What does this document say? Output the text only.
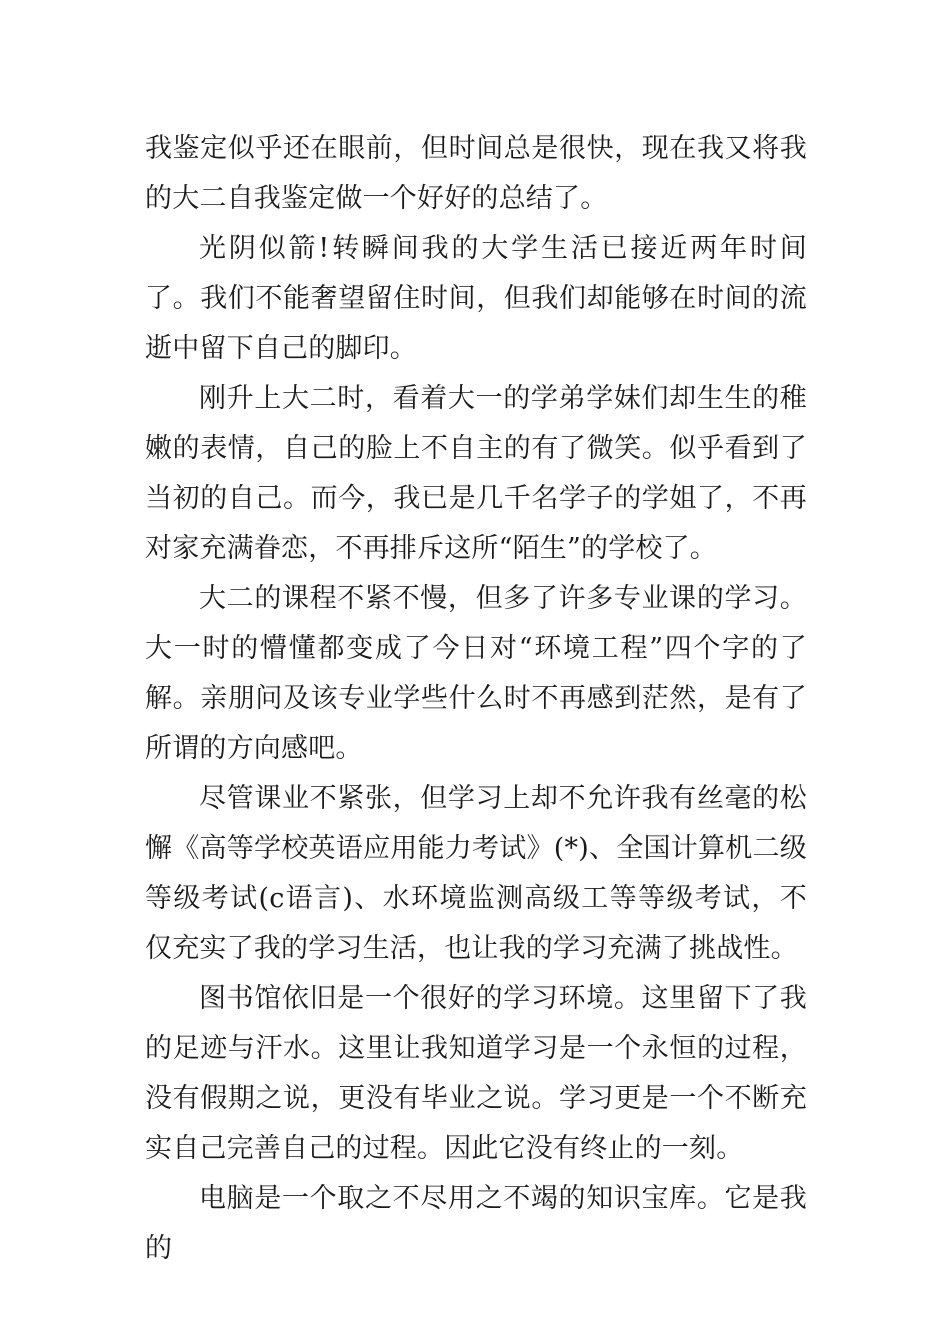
我鉴定似乎还在眼前，但时间总是很快，现在我又将我的大二自我鉴定做一个好好的总结了。

光阴似箭!转瞬间我的大学生活已接近两年时间了。我们不能奢望留住时间，但我们却能够在时间的流逝中留下自己的脚印。

刚升上大二时，看着大一的学弟学妹们却生生的稚嫩的表情，自己的脸上不自主的有了微笑。似乎看到了当初的自己。而今，我已是几千名学子的学姐了，不再对家充满眷恋，不再排斥这所“陌生”的学校了。

大二的课程不紧不慢，但多了许多专业课的学习。大一时的懵懂都变成了今日对“环境工程”四个字的了解。亲朋问及该专业学些什么时不再感到茫然，是有了所谓的方向感吧。

尽管课业不紧张，但学习上却不允许我有丝毫的松懈《高等学校英语应用能力考试》(*)、全国计算机二级等级考试(c语言)、水环境监测高级工等等级考试，不仅充实了我的学习生活，也让我的学习充满了挑战性。

图书馆依旧是一个很好的学习环境。这里留下了我的足迹与汗水。这里让我知道学习是一个永恒的过程，没有假期之说，更没有毕业之说。学习更是一个不断充实自己完善自己的过程。因此它没有终止的一刻。

电脑是一个取之不尽用之不竭的知识宝库。它是我的
